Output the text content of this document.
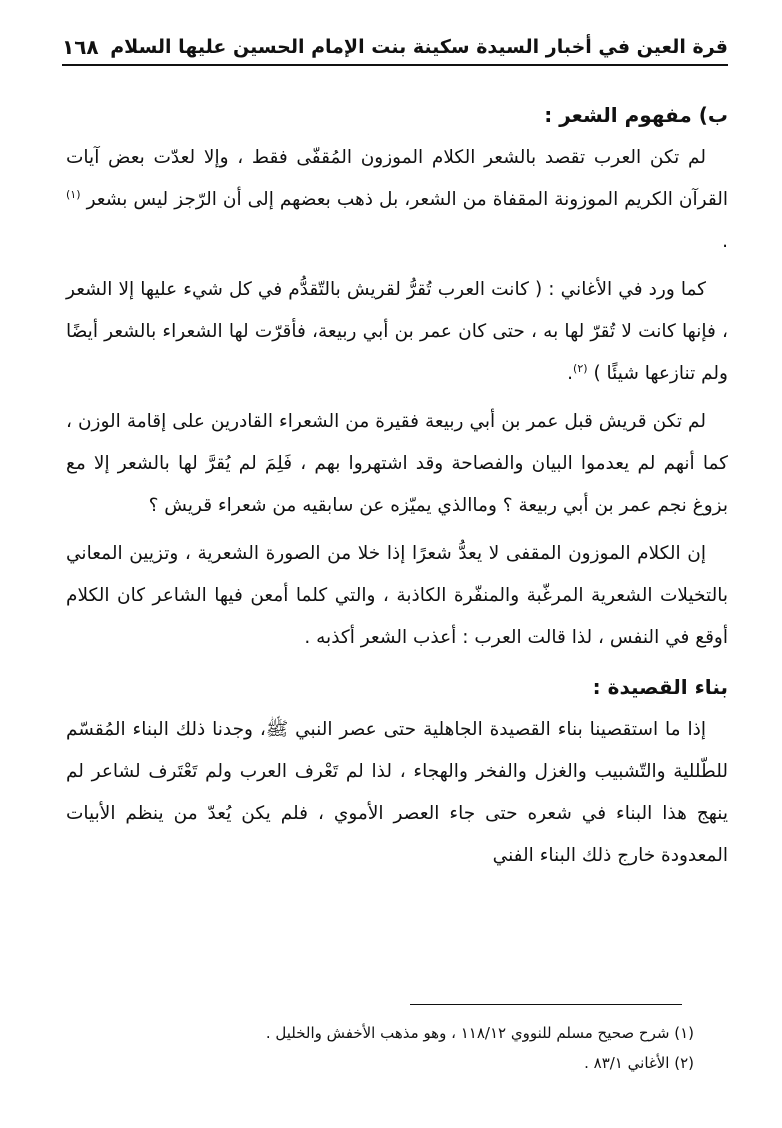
قرة العين في أخبار السيدة سكينة بنت الإمام الحسين عليها السلام
١٦٨
ب) مفهوم الشعر :

لم تكن العرب تقصد بالشعر الكلام الموزون المُقفّى فقط ، وإلا لعدّت بعض آيات القرآن الكريم الموزونة المقفاة من الشعر، بل ذهب بعضهم إلى أن الرّجز ليس بشعر $^{(١)}$ .

كما ورد في الأغاني : ( كانت العرب تُقرُّ لقريش بالتّقدُّم في كل شيء عليها إلا الشعر ، فإنها كانت لا تُقرّ لها به ، حتى كان عمر بن أبي ربيعة، فأقرّت لها الشعراء بالشعر أيضًا ولم تنازعها شيئًا ) $^{(٢)}$.

لم تكن قريش قبل عمر بن أبي ربيعة فقيرة من الشعراء القادرين على إقامة الوزن ، كما أنهم لم يعدموا البيان والفصاحة وقد اشتهروا بهم ، فَلِمَ لم يُقرَّ لها بالشعر إلا مع بزوغ نجم عمر بن أبي ربيعة ؟ وماالذي يميّزه عن سابقيه من شعراء قريش ؟

إن الكلام الموزون المقفى لا يعدُّ شعرًا إذا خلا من الصورة الشعرية ، وتزيين المعاني بالتخيلات الشعرية المرغّبة والمنفّرة الكاذبة ، والتي كلما أمعن فيها الشاعر كان الكلام أوقع في النفس ، لذا قالت العرب : أعذب الشعر أكذبه .

بناء القصيدة :

إذا ما استقصينا بناء القصيدة الجاهلية حتى عصر النبي ﷺ، وجدنا ذلك البناء المُقسّم للطّللية والتّشبيب والغزل والفخر والهجاء ، لذا لم تَعْرف العرب ولم تَعْتَرف لشاعر لم ينهج هذا البناء في شعره حتى جاء العصر الأموي ، فلم يكن يُعدّ من ينظم الأبيات المعدودة خارج ذلك البناء الفني

(١) شرح صحيح مسلم للنووي ١١٨/١٢ ، وهو مذهب الأخفش والخليل .

(٢) الأغاني ٨٣/١ .
